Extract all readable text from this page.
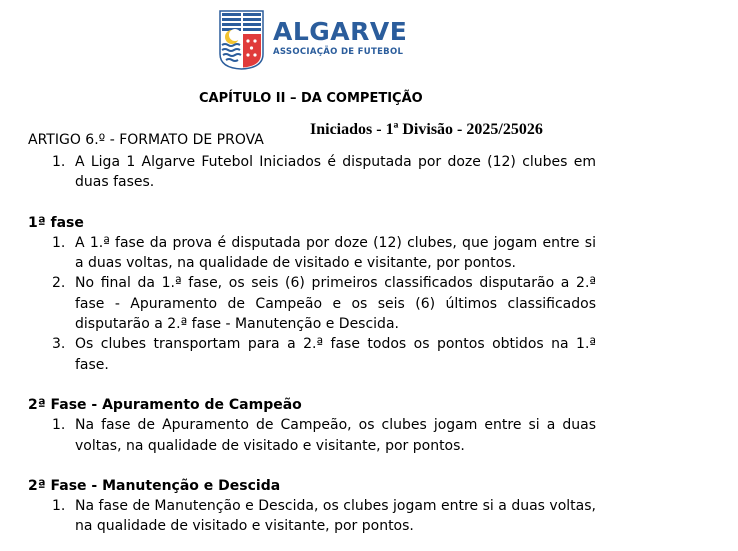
ALGARVE
ASSOCIAÇÃO DE FUTEBOL
CAPÍTULO II – DA COMPETIÇÃO
Iniciados - 1ª Divisão - 2025/25026
ARTIGO 6.º - FORMATO DE PROVA
1. A Liga 1 Algarve Futebol Iniciados é disputada por doze (12) clubes em duas fases.
1ª fase
1. A 1.ª fase da prova é disputada por doze (12) clubes, que jogam entre si a duas voltas, na qualidade de visitado e visitante, por pontos.
2. No final da 1.ª fase, os seis (6) primeiros classificados disputarão a 2.ª fase - Apuramento de Campeão e os seis (6) últimos classificados disputarão a 2.ª fase - Manutenção e Descida.
3. Os clubes transportam para a 2.ª fase todos os pontos obtidos na 1.ª fase.
2ª Fase - Apuramento de Campeão
1. Na fase de Apuramento de Campeão, os clubes jogam entre si a duas voltas, na qualidade de visitado e visitante, por pontos.
2ª Fase - Manutenção e Descida
1. Na fase de Manutenção e Descida, os clubes jogam entre si a duas voltas, na qualidade de visitado e visitante, por pontos.
